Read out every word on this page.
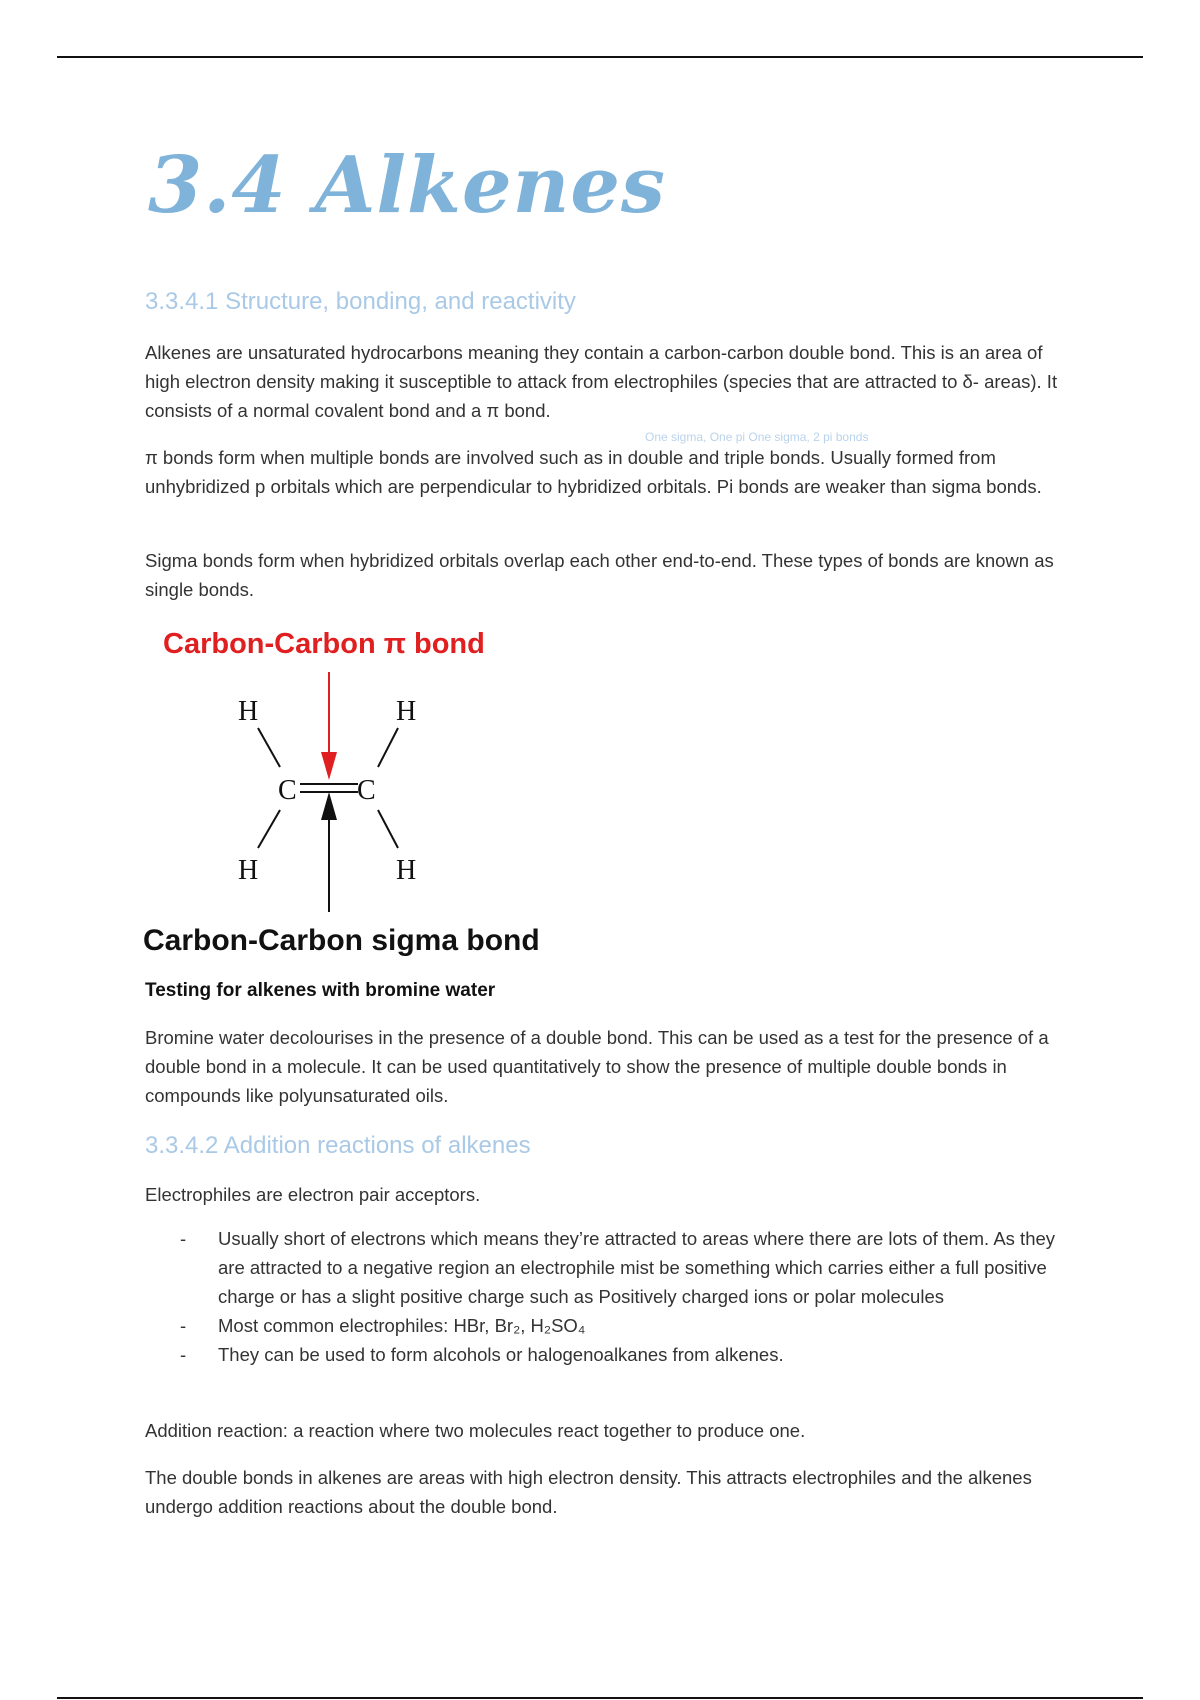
3.4 Alkenes
3.3.4.1 Structure, bonding, and reactivity

Alkenes are unsaturated hydrocarbons meaning they contain a carbon-carbon double bond. This is an area of high electron density making it susceptible to attack from electrophiles (species that are attracted to δ- areas). It consists of a normal covalent bond and a π bond.

One sigma, One pi One sigma, 2 pi bonds

π bonds form when multiple bonds are involved such as in double and triple bonds. Usually formed from unhybridized p orbitals which are perpendicular to hybridized orbitals. Pi bonds are weaker than sigma bonds.

Sigma bonds form when hybridized orbitals overlap each other end-to-end. These types of bonds are known as single bonds.

Carbon-Carbon π bond
H	H
C C
H	H
Carbon-Carbon sigma bond
Testing for alkenes with bromine water

Bromine water decolourises in the presence of a double bond. This can be used as a test for the presence of a double bond in a molecule. It can be used quantitatively to show the presence of multiple double bonds in compounds like polyunsaturated oils.

3.3.4.2 Addition reactions of alkenes

Electrophiles are electron pair acceptors.

- Usually short of electrons which means they’re attracted to areas where there are lots of them. As they are attracted to a negative region an electrophile mist be something which carries either a full positive charge or has a slight positive charge such as Positively charged ions or polar molecules
- Most common electrophiles: HBr, Br₂, H₂SO₄
- They can be used to form alcohols or halogenoalkanes from alkenes.

Addition reaction: a reaction where two molecules react together to produce one.

The double bonds in alkenes are areas with high electron density. This attracts electrophiles and the alkenes undergo addition reactions about the double bond.
